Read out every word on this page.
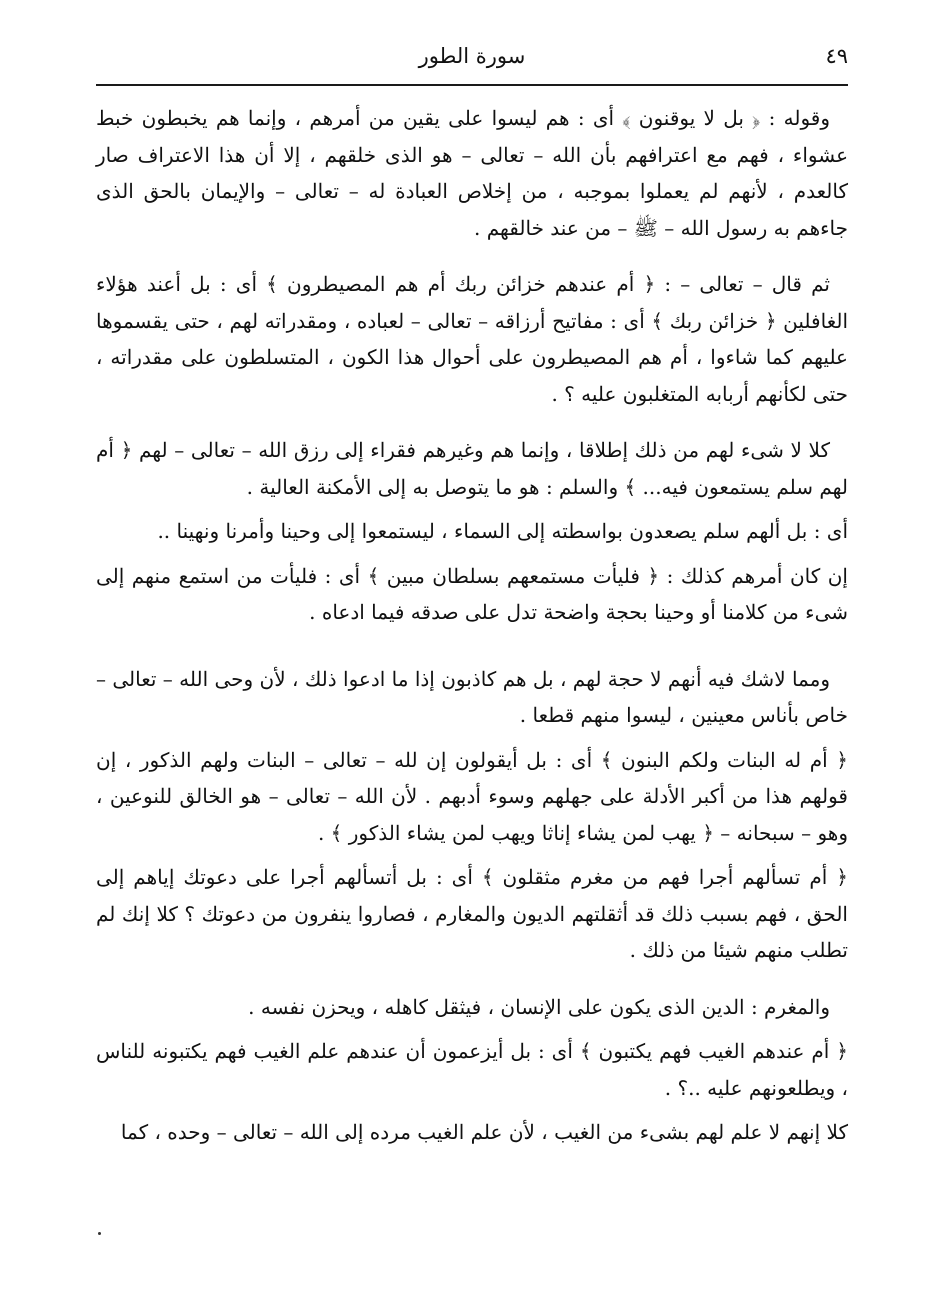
٤٩
سورة الطور

وقوله : ﴿ بل لا يوقنون ﴾ أى : هم ليسوا على يقين من أمرهم ، وإنما هم يخبطون خبط عشواء ، فهم مع اعترافهم بأن الله – تعالى – هو الذى خلقهم ، إلا أن هذا الاعتراف صار كالعدم ، لأنهم لم يعملوا بموجبه ، من إخلاص العبادة له – تعالى – والإيمان بالحق الذى جاءهم به رسول الله – ﷺ – من عند خالقهم .

ثم قال – تعالى – : ﴿ أم عندهم خزائن ربك أم هم المصيطرون ﴾ أى : بل أعند هؤلاء الغافلين ﴿ خزائن ربك ﴾ أى : مفاتيح أرزاقه – تعالى – لعباده ، ومقدراته لهم ، حتى يقسموها عليهم كما شاءوا ، أم هم المصيطرون على أحوال هذا الكون ، المتسلطون على مقدراته ، حتى لكأنهم أربابه المتغلبون عليه ؟ .

كلا لا شىء لهم من ذلك إطلاقا ، وإنما هم وغيرهم فقراء إلى رزق الله – تعالى – لهم ﴿ أم لهم سلم يستمعون فيه... ﴾ والسلم : هو ما يتوصل به إلى الأمكنة العالية .

أى : بل ألهم سلم يصعدون بواسطته إلى السماء ، ليستمعوا إلى وحينا وأمرنا ونهينا ..

إن كان أمرهم كذلك : ﴿ فليأت مستمعهم بسلطان مبين ﴾ أى : فليأت من استمع منهم إلى شىء من كلامنا أو وحينا بحجة واضحة تدل على صدقه فيما ادعاه .

ومما لاشك فيه أنهم لا حجة لهم ، بل هم كاذبون إذا ما ادعوا ذلك ، لأن وحى الله – تعالى – خاص بأناس معينين ، ليسوا منهم قطعا .

﴿ أم له البنات ولكم البنون ﴾ أى : بل أيقولون إن لله – تعالى – البنات ولهم الذكور ، إن قولهم هذا من أكبر الأدلة على جهلهم وسوء أدبهم . لأن الله – تعالى – هو الخالق للنوعين ، وهو – سبحانه – ﴿ يهب لمن يشاء إناثا ويهب لمن يشاء الذكور ﴾ .

﴿ أم تسألهم أجرا فهم من مغرم مثقلون ﴾ أى : بل أتسألهم أجرا على دعوتك إياهم إلى الحق ، فهم بسبب ذلك قد أثقلتهم الديون والمغارم ، فصاروا ينفرون من دعوتك ؟ كلا إنك لم تطلب منهم شيئا من ذلك .

والمغرم : الدين الذى يكون على الإنسان ، فيثقل كاهله ، ويحزن نفسه .

﴿ أم عندهم الغيب فهم يكتبون ﴾ أى : بل أيزعمون أن عندهم علم الغيب فهم يكتبونه للناس ، ويطلعونهم عليه ..؟ .

كلا إنهم لا علم لهم بشىء من الغيب ، لأن علم الغيب مرده إلى الله – تعالى – وحده ، كما
